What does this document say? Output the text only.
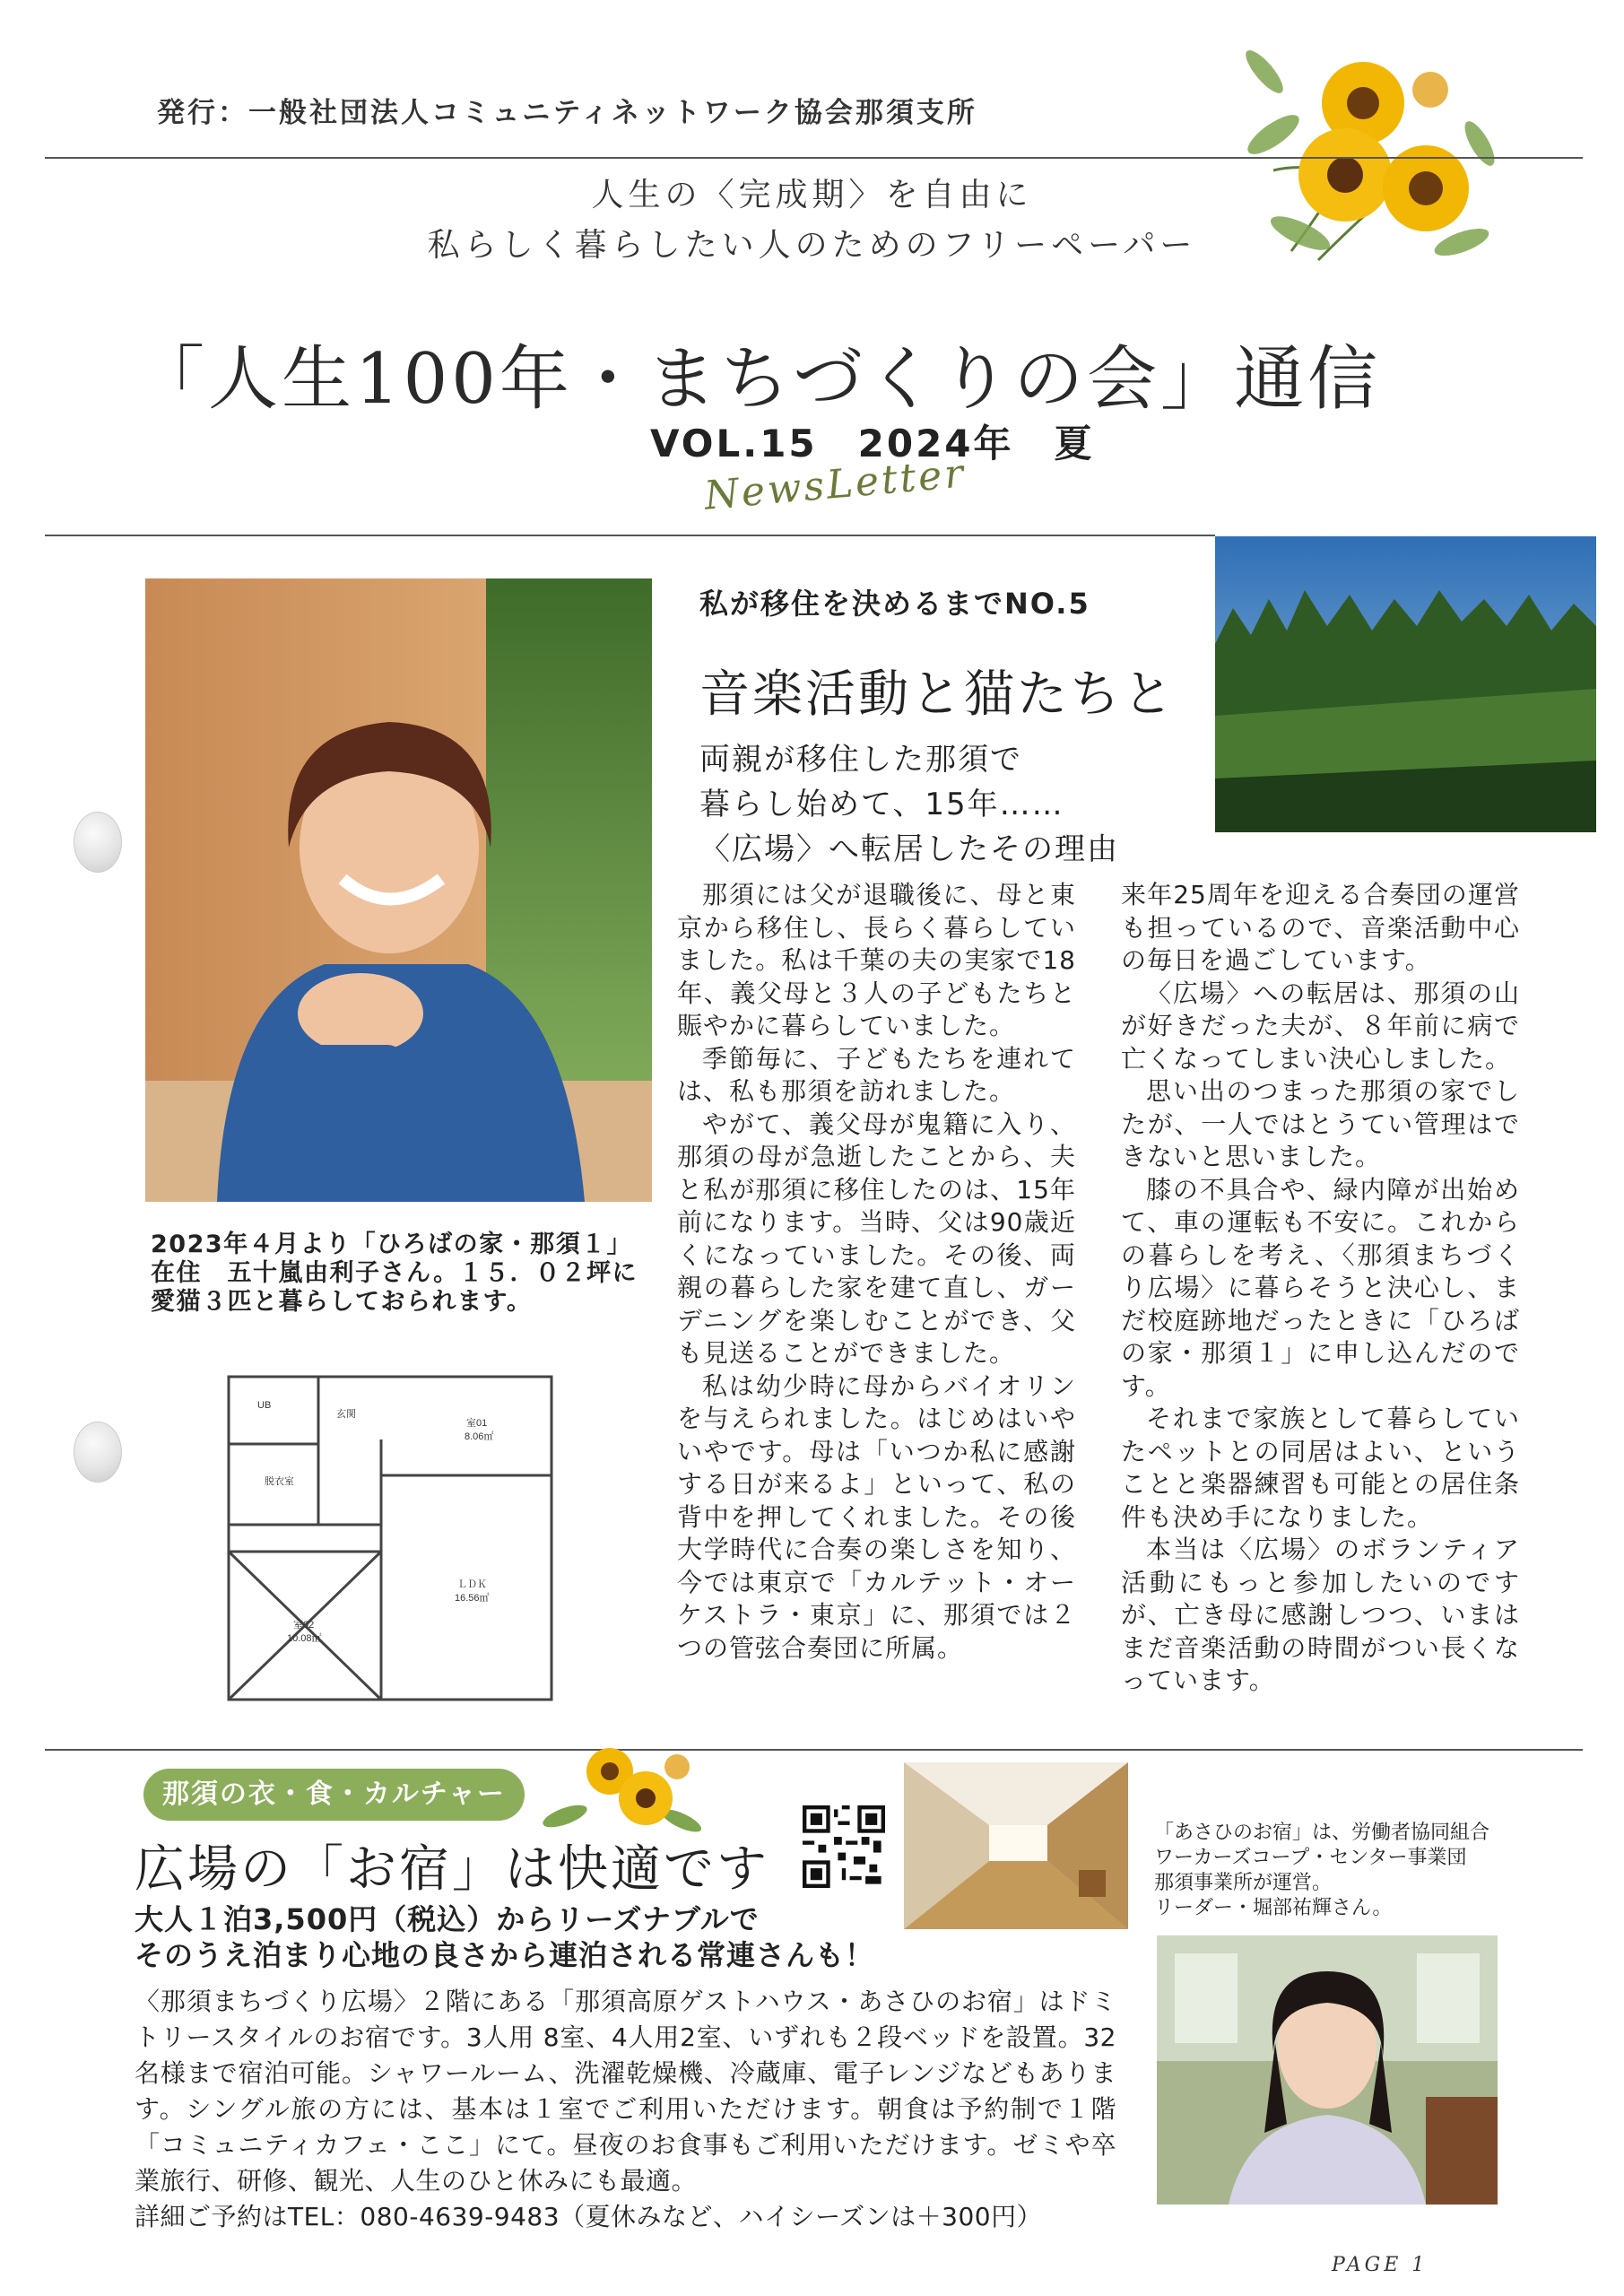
発行：一般社団法人コミュニティネットワーク協会那須支所
人生の〈完成期〉を自由に
私らしく暮らしたい人のためのフリーペーパー
「人生100年・まちづくりの会」通信
VOL.15　2024年　夏
NewsLetter
私が移住を決めるまでNO.5
音楽活動と猫たちと
両親が移住した那須で
暮らし始めて、15年……
〈広場〉へ転居したその理由

那須には父が退職後に、母と東京から移住し、長らく暮らしていました。私は千葉の夫の実家で18年、義父母と３人の子どもたちと賑やかに暮らしていました。

季節毎に、子どもたちを連れては、私も那須を訪れました。

やがて、義父母が鬼籍に入り、那須の母が急逝したことから、夫と私が那須に移住したのは、15年前になります。当時、父は90歳近くになっていました。その後、両親の暮らした家を建て直し、ガーデニングを楽しむことができ、父も見送ることができました。

私は幼少時に母からバイオリンを与えられました。はじめはいやいやです。母は「いつか私に感謝する日が来るよ」といって、私の背中を押してくれました。その後大学時代に合奏の楽しさを知り、今では東京で「カルテット・オーケストラ・東京」に、那須では２つの管弦合奏団に所属。

来年25周年を迎える合奏団の運営も担っているので、音楽活動中心の毎日を過ごしています。

〈広場〉への転居は、那須の山が好きだった夫が、８年前に病で亡くなってしまい決心しました。

思い出のつまった那須の家でしたが、一人ではとうてい管理はできないと思いました。

膝の不具合や、緑内障が出始めて、車の運転も不安に。これからの暮らしを考え、〈那須まちづくり広場〉に暮らそうと決心し、まだ校庭跡地だったときに「ひろばの家・那須１」に申し込んだのです。

それまで家族として暮らしていたペットとの同居はよい、ということと楽器練習も可能との居住条件も決め手になりました。

本当は〈広場〉のボランティア活動にもっと参加したいのですが、亡き母に感謝しつつ、いまはまだ音楽活動の時間がつい長くなっています。

2023年４月より「ひろばの家・那須１」在住　五十嵐由利子さん。１５．０２坪に愛猫３匹と暮らしておられます。
UB
玄関
室01
8.06㎡
脱衣室
ＬＤＫ
16.56㎡
室02
10.08㎡
那須の衣・食・カルチャー
広場の「お宿」は快適です
「あさひのお宿」は、労働者協同組合
ワーカーズコープ・センター事業団
那須事業所が運営。
リーダー・堀部祐輝さん。
大人１泊3,500円（税込）からリーズナブルで
そのうえ泊まり心地の良さから連泊される常連さんも！
〈那須まちづくり広場〉２階にある「那須高原ゲストハウス・あさひのお宿」はドミトリースタイルのお宿です。3人用 8室、4人用2室、いずれも２段ベッドを設置。32名様まで宿泊可能。シャワールーム、洗濯乾燥機、冷蔵庫、電子レンジなどもあります。シングル旅の方には、基本は１室でご利用いただけます。朝食は予約制で１階「コミュニティカフェ・ここ」にて。昼夜のお食事もご利用いただけます。ゼミや卒業旅行、研修、観光、人生のひと休みにも最適。
詳細ご予約はTEL：080-4639-9483（夏休みなど、ハイシーズンは＋300円）
PAGE 1
